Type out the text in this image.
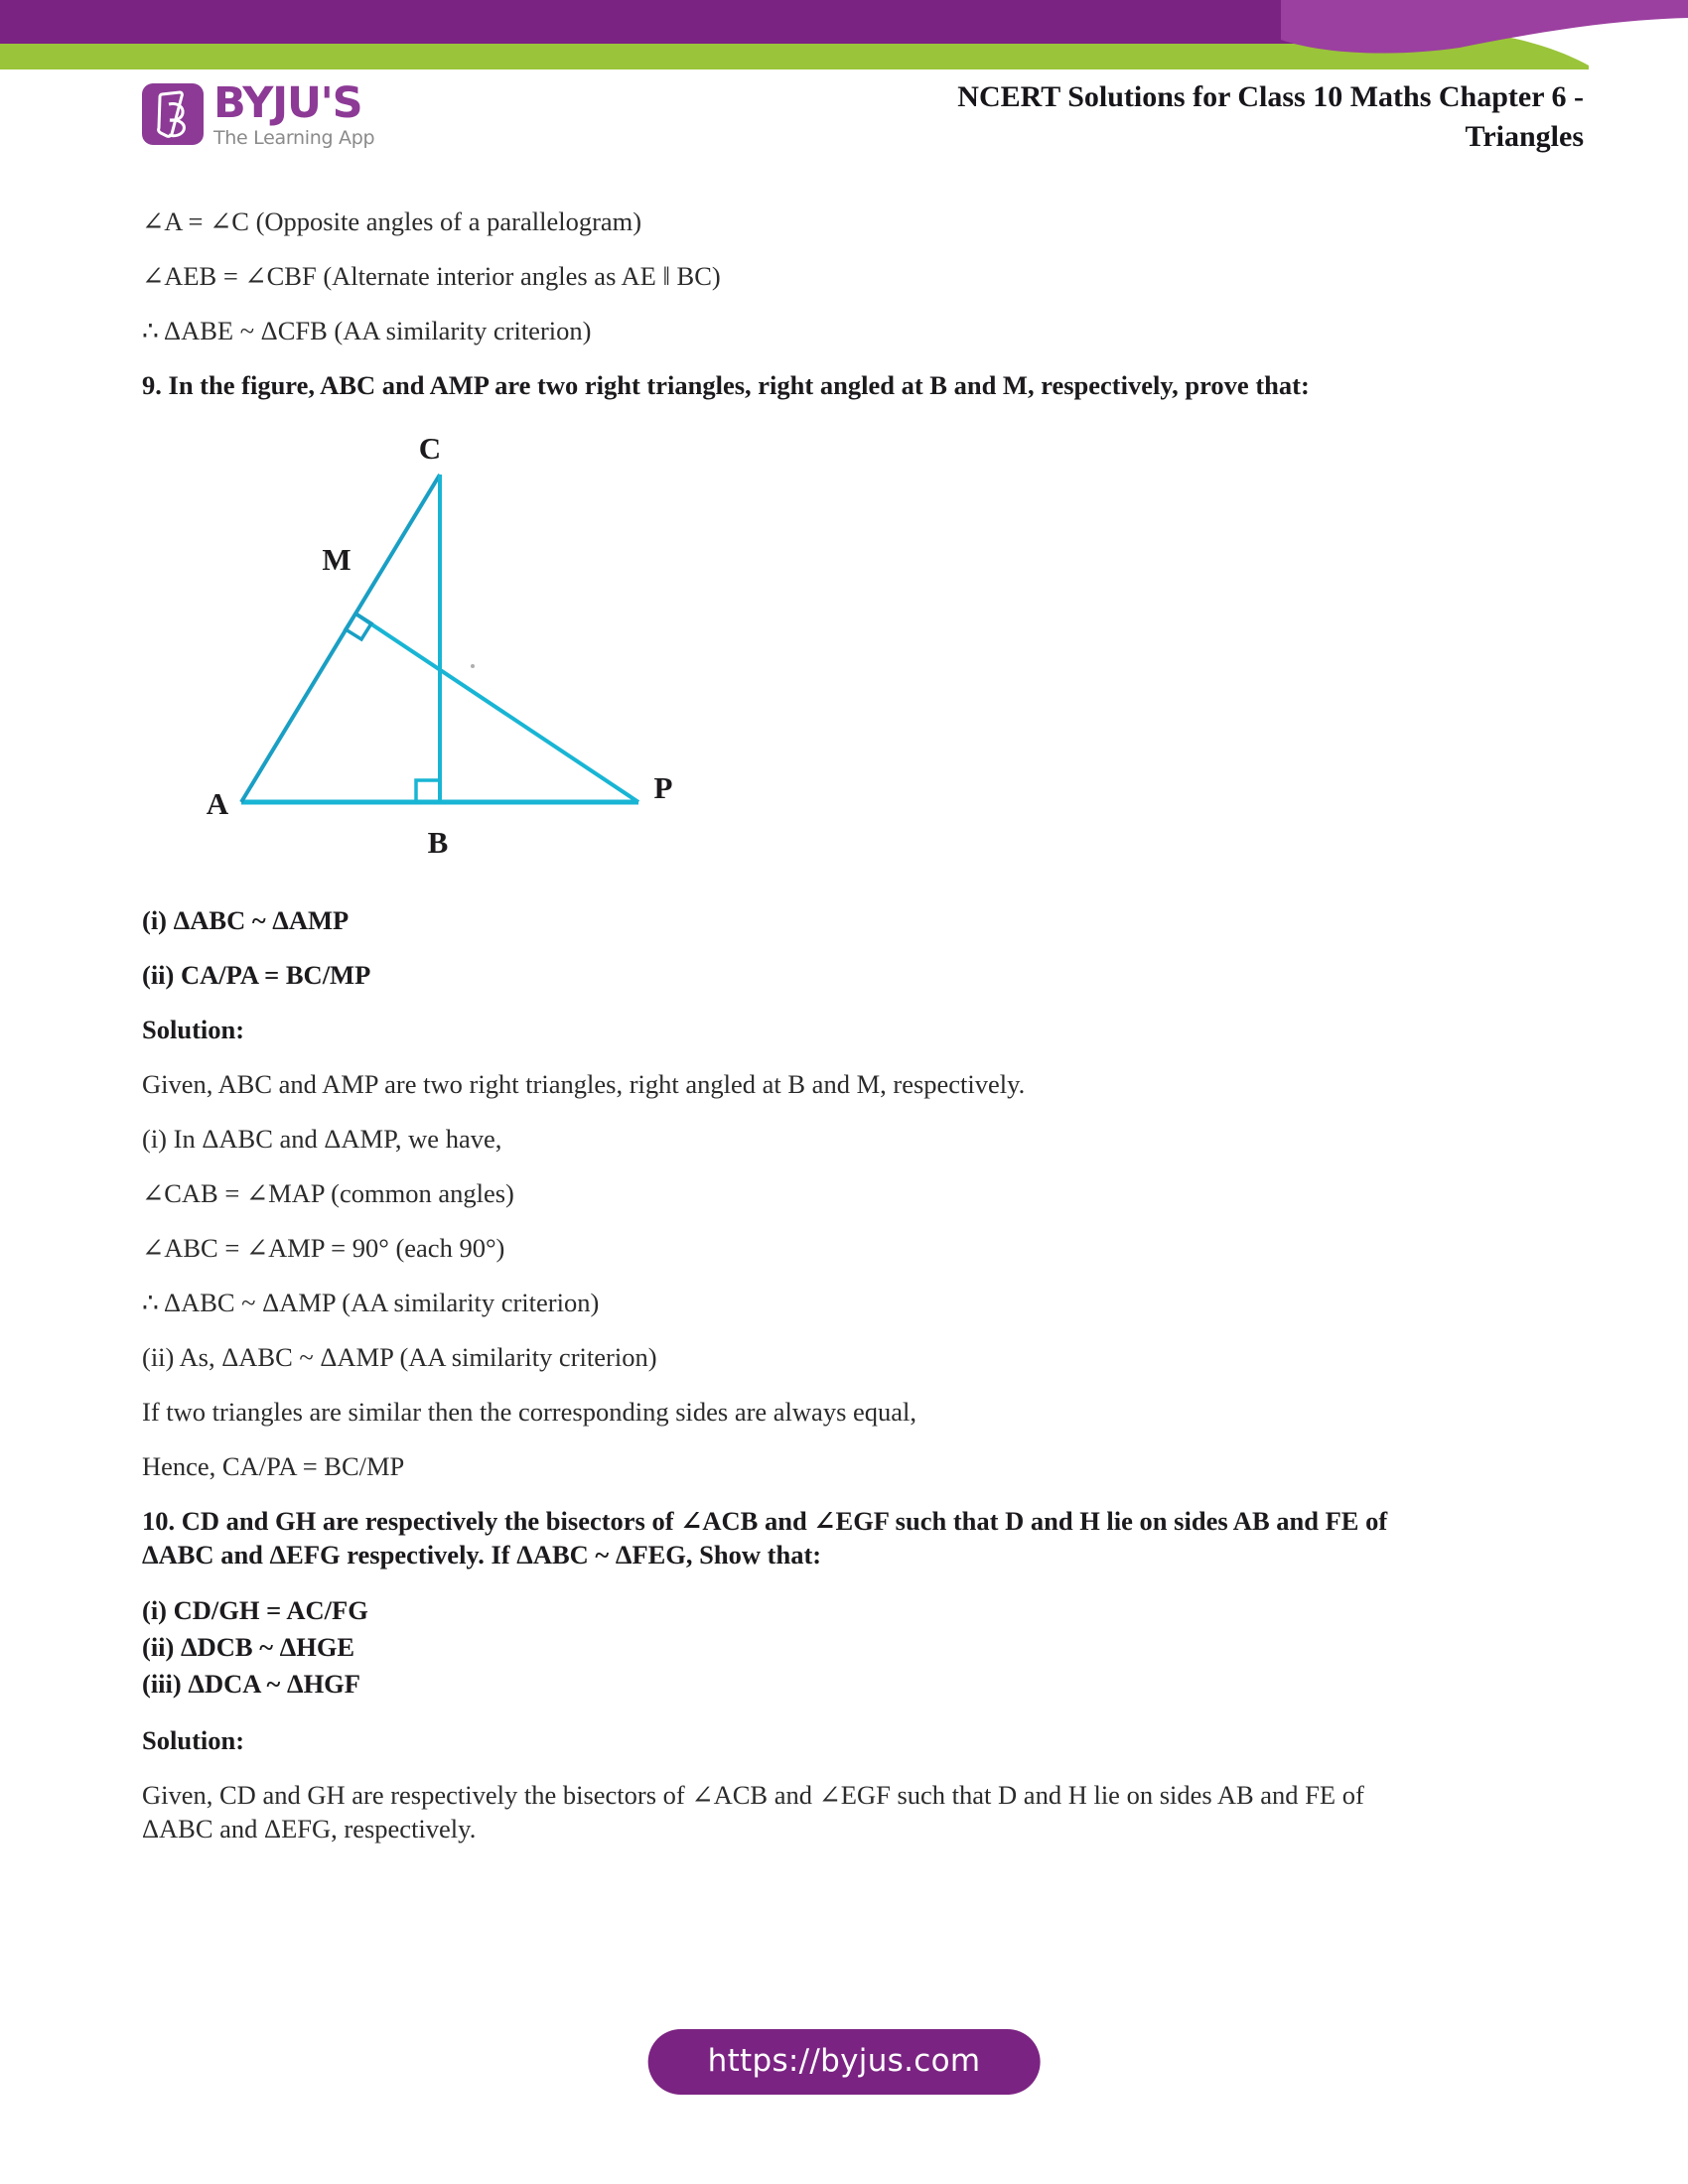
BYJU'S
The Learning App
NCERT Solutions for Class 10 Maths Chapter 6 -
Triangles

∠A = ∠C (Opposite angles of a parallelogram)

∠AEB = ∠CBF (Alternate interior angles as AE ‖ BC)

∴ ΔABE ~ ΔCFB (AA similarity criterion)

9. In the figure, ABC and AMP are two right triangles, right angled at B and M, respectively, prove that:

C
M
A
B
P

(i) ΔABC ~ ΔAMP

(ii) CA/PA = BC/MP

Solution:

Given, ABC and AMP are two right triangles, right angled at B and M, respectively.

(i) In ΔABC and ΔAMP, we have,

∠CAB = ∠MAP (common angles)

∠ABC = ∠AMP = 90° (each 90°)

∴ ΔABC ~ ΔAMP (AA similarity criterion)

(ii) As, ΔABC ~ ΔAMP (AA similarity criterion)

If two triangles are similar then the corresponding sides are always equal,

Hence, CA/PA = BC/MP

10. CD and GH are respectively the bisectors of ∠ACB and ∠EGF such that D and H lie on sides AB and FE of

ΔABC and ΔEFG respectively. If ΔABC ~ ΔFEG, Show that:

(i) CD/GH = AC/FG

(ii) ΔDCB ~ ΔHGE

(iii) ΔDCA ~ ΔHGF

Solution:

Given, CD and GH are respectively the bisectors of ∠ACB and ∠EGF such that D and H lie on sides AB and FE of

ΔABC and ΔEFG, respectively.

https://byjus.com
